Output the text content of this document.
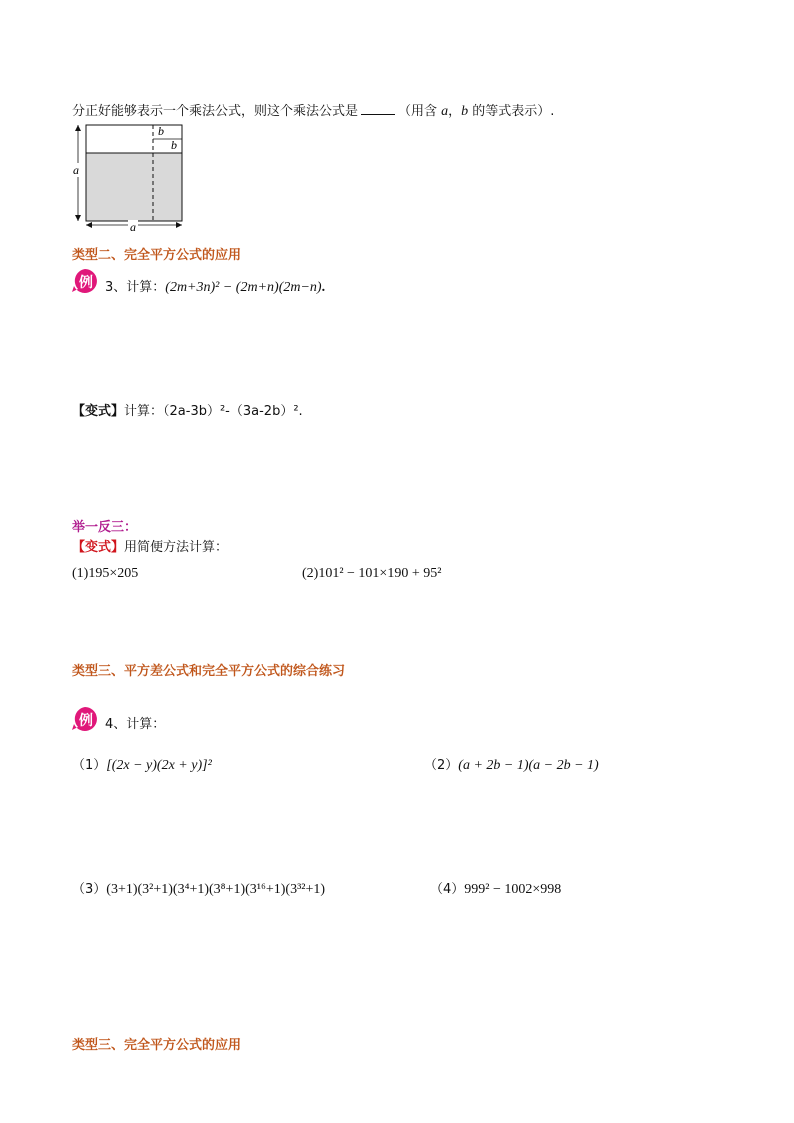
分正好能够表示一个乘法公式，则这个乘法公式是	（用含 a，b 的等式表示）.
a
a
b
b
类型二、完全平方公式的应用
例 3、计算：(2m+3n)² − (2m+n)(2m−n).
【变式】计算：（2a-3b）²-（3a-2b）².
举一反三：
【变式】用简便方法计算：
(1)195×205	(2)101² − 101×190 + 95²
类型三、平方差公式和完全平方公式的综合练习
例 4、计算：
（1）[(2x − y)(2x + y)]²	（2）(a + 2b − 1)(a − 2b − 1)
（3）(3+1)(3²+1)(3⁴+1)(3⁸+1)(3¹⁶+1)(3³²+1)	（4）999² − 1002×998
类型三、完全平方公式的应用
